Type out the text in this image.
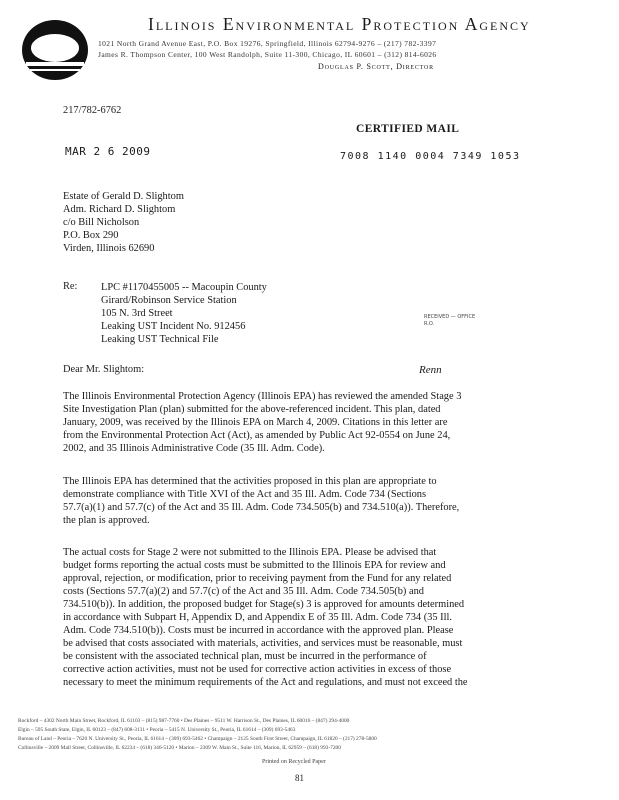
Illinois Environmental Protection Agency
1021 North Grand Avenue East, P.O. Box 19276, Springfield, Illinois 62794-9276 – (217) 782-3397
James R. Thompson Center, 100 West Randolph, Suite 11-300, Chicago, IL 60601 – (312) 814-6026
Douglas P. Scott, Director
217/782-6762
CERTIFIED MAIL
MAR 2 6 2009	7008 1140 0004 7349 1053
Estate of Gerald D. Slightom
Adm. Richard D. Slightom
c/o Bill Nicholson
P.O. Box 290
Virden, Illinois 62690
Re: LPC #1170455005 -- Macoupin County
Girard/Robinson Service Station
105 N. 3rd Street
Leaking UST Incident No. 912456
Leaking UST Technical File
RECEIVED — OFFICE
R.O.
Renn
Dear Mr. Slightom:
The Illinois Environmental Protection Agency (Illinois EPA) has reviewed the amended Stage 3
Site Investigation Plan (plan) submitted for the above-referenced incident. This plan, dated
January, 2009, was received by the Illinois EPA on March 4, 2009. Citations in this letter are
from the Environmental Protection Act (Act), as amended by Public Act 92-0554 on June 24,
2002, and 35 Illinois Administrative Code (35 Ill. Adm. Code).
The Illinois EPA has determined that the activities proposed in this plan are appropriate to
demonstrate compliance with Title XVI of the Act and 35 Ill. Adm. Code 734 (Sections
57.7(a)(1) and 57.7(c) of the Act and 35 Ill. Adm. Code 734.505(b) and 734.510(a)). Therefore,
the plan is approved.
The actual costs for Stage 2 were not submitted to the Illinois EPA. Please be advised that
budget forms reporting the actual costs must be submitted to the Illinois EPA for review and
approval, rejection, or modification, prior to receiving payment from the Fund for any related
costs (Sections 57.7(a)(2) and 57.7(c) of the Act and 35 Ill. Adm. Code 734.505(b) and
734.510(b)). In addition, the proposed budget for Stage(s) 3 is approved for amounts determined
in accordance with Subpart H, Appendix D, and Appendix E of 35 Ill. Adm. Code 734 (35 Ill.
Adm. Code 734.510(b)). Costs must be incurred in accordance with the approved plan. Please
be advised that costs associated with materials, activities, and services must be reasonable, must
be consistent with the associated technical plan, must be incurred in the performance of
corrective action activities, must not be used for corrective action activities in excess of those
necessary to meet the minimum requirements of the Act and regulations, and must not exceed the
Rockford – 4302 North Main Street, Rockford, IL 61103 – (815) 987-7760 • Des Plaines – 9511 W. Harrison St., Des Plaines, IL 60016 – (847) 294-4000
Elgin – 595 South State, Elgin, IL 60123 – (847) 608-3131 • Peoria – 5415 N. University St., Peoria, IL 61614 – (309) 693-5463
Bureau of Land – Peoria – 7620 N. University St., Peoria, IL 61614 – (309) 693-5462 • Champaign – 2125 South First Street, Champaign, IL 61820 – (217) 278-5800
Collinsville – 2009 Mall Street, Collinsville, IL 62234 – (618) 346-5120 • Marion – 2309 W. Main St., Suite 116, Marion, IL 62959 – (618) 993-7200
Printed on Recycled Paper
81
